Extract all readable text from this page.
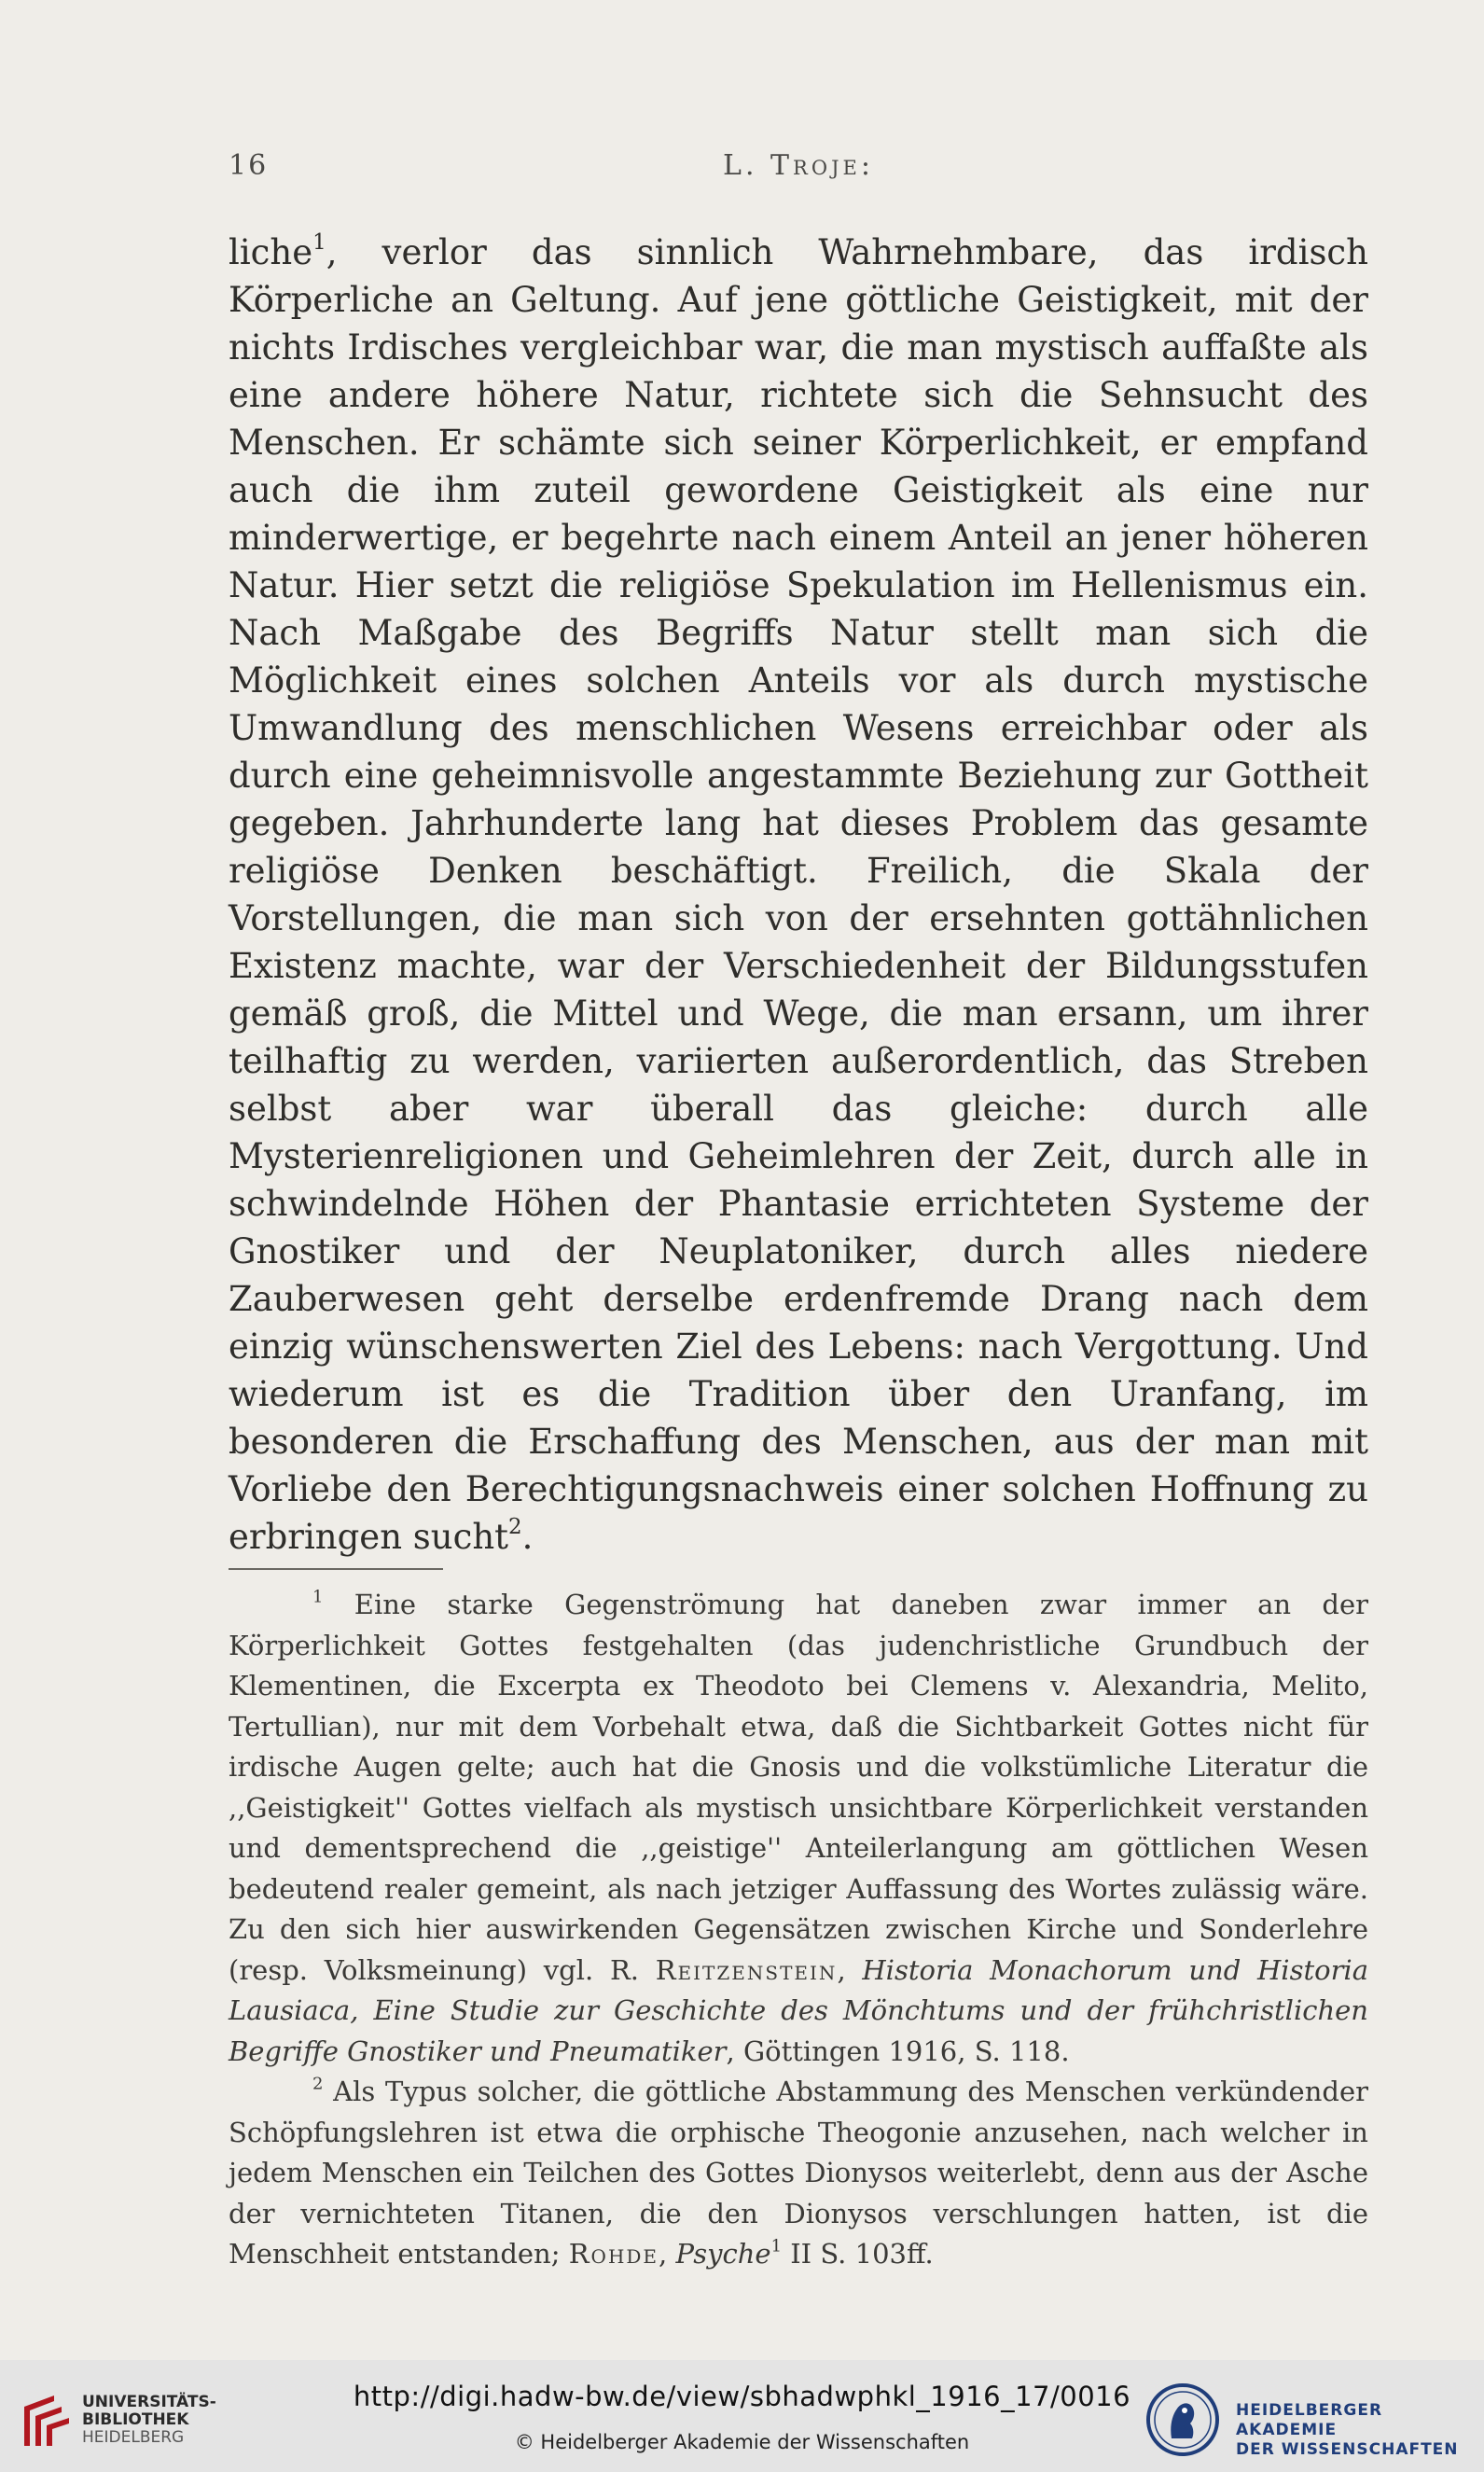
16	L. Troje:

liche$^1$, verlor das sinnlich Wahrnehmbare, das irdisch Körperliche an Geltung. Auf jene göttliche Geistigkeit, mit der nichts Irdisches vergleichbar war, die man mystisch auffaßte als eine andere höhere Natur, richtete sich die Sehnsucht des Menschen. Er schämte sich seiner Körperlichkeit, er empfand auch die ihm zuteil gewordene Geistigkeit als eine nur minderwertige, er begehrte nach einem Anteil an jener höheren Natur. Hier setzt die religiöse Spekulation im Hellenismus ein. Nach Maßgabe des Begriffs Natur stellt man sich die Möglichkeit eines solchen Anteils vor als durch mystische Umwandlung des menschlichen Wesens erreichbar oder als durch eine geheimnisvolle angestammte Beziehung zur Gottheit gegeben. Jahrhunderte lang hat dieses Problem das gesamte religiöse Denken beschäftigt. Freilich, die Skala der Vorstellungen, die man sich von der ersehnten gottähnlichen Existenz machte, war der Verschiedenheit der Bildungsstufen gemäß groß, die Mittel und Wege, die man ersann, um ihrer teilhaftig zu werden, variierten außerordentlich, das Streben selbst aber war überall das gleiche: durch alle Mysterienreligionen und Geheimlehren der Zeit, durch alle in schwindelnde Höhen der Phantasie errichteten Systeme der Gnostiker und der Neuplatoniker, durch alles niedere Zauberwesen geht derselbe erdenfremde Drang nach dem einzig wünschenswerten Ziel des Lebens: nach Vergottung. Und wiederum ist es die Tradition über den Uranfang, im besonderen die Erschaffung des Menschen, aus der man mit Vorliebe den Berechtigungsnachweis einer solchen Hoffnung zu erbringen sucht$^2$.

$^1$ Eine starke Gegenströmung hat daneben zwar immer an der Körperlichkeit Gottes festgehalten (das judenchristliche Grundbuch der Klementinen, die Excerpta ex Theodoto bei Clemens v. Alexandria, Melito, Tertullian), nur mit dem Vorbehalt etwa, daß die Sichtbarkeit Gottes nicht für irdische Augen gelte; auch hat die Gnosis und die volkstümliche Literatur die ,,Geistigkeit'' Gottes vielfach als mystisch unsichtbare Körperlichkeit verstanden und dementsprechend die ,,geistige'' Anteilerlangung am göttlichen Wesen bedeutend realer gemeint, als nach jetziger Auffassung des Wortes zulässig wäre. Zu den sich hier auswirkenden Gegensätzen zwischen Kirche und Sonderlehre (resp. Volksmeinung) vgl. R. Reitzenstein, Historia Monachorum und Historia Lausiaca, Eine Studie zur Geschichte des Mönchtums und der frühchristlichen Begriffe Gnostiker und Pneumatiker, Göttingen 1916, S. 118.

$^2$ Als Typus solcher, die göttliche Abstammung des Menschen verkündender Schöpfungslehren ist etwa die orphische Theogonie anzusehen, nach welcher in jedem Menschen ein Teilchen des Gottes Dionysos weiterlebt, denn aus der Asche der vernichteten Titanen, die den Dionysos verschlungen hatten, ist die Menschheit entstanden; Rohde, Psyche$^1$ II S. 103ff.

UNIVERSITÄTS-
BIBLIOTHEK
HEIDELBERG
http://digi.hadw-bw.de/view/sbhadwphkl_1916_17/0016
© Heidelberger Akademie der Wissenschaften
HEIDELBERGER AKADEMIE
DER WISSENSCHAFTEN
